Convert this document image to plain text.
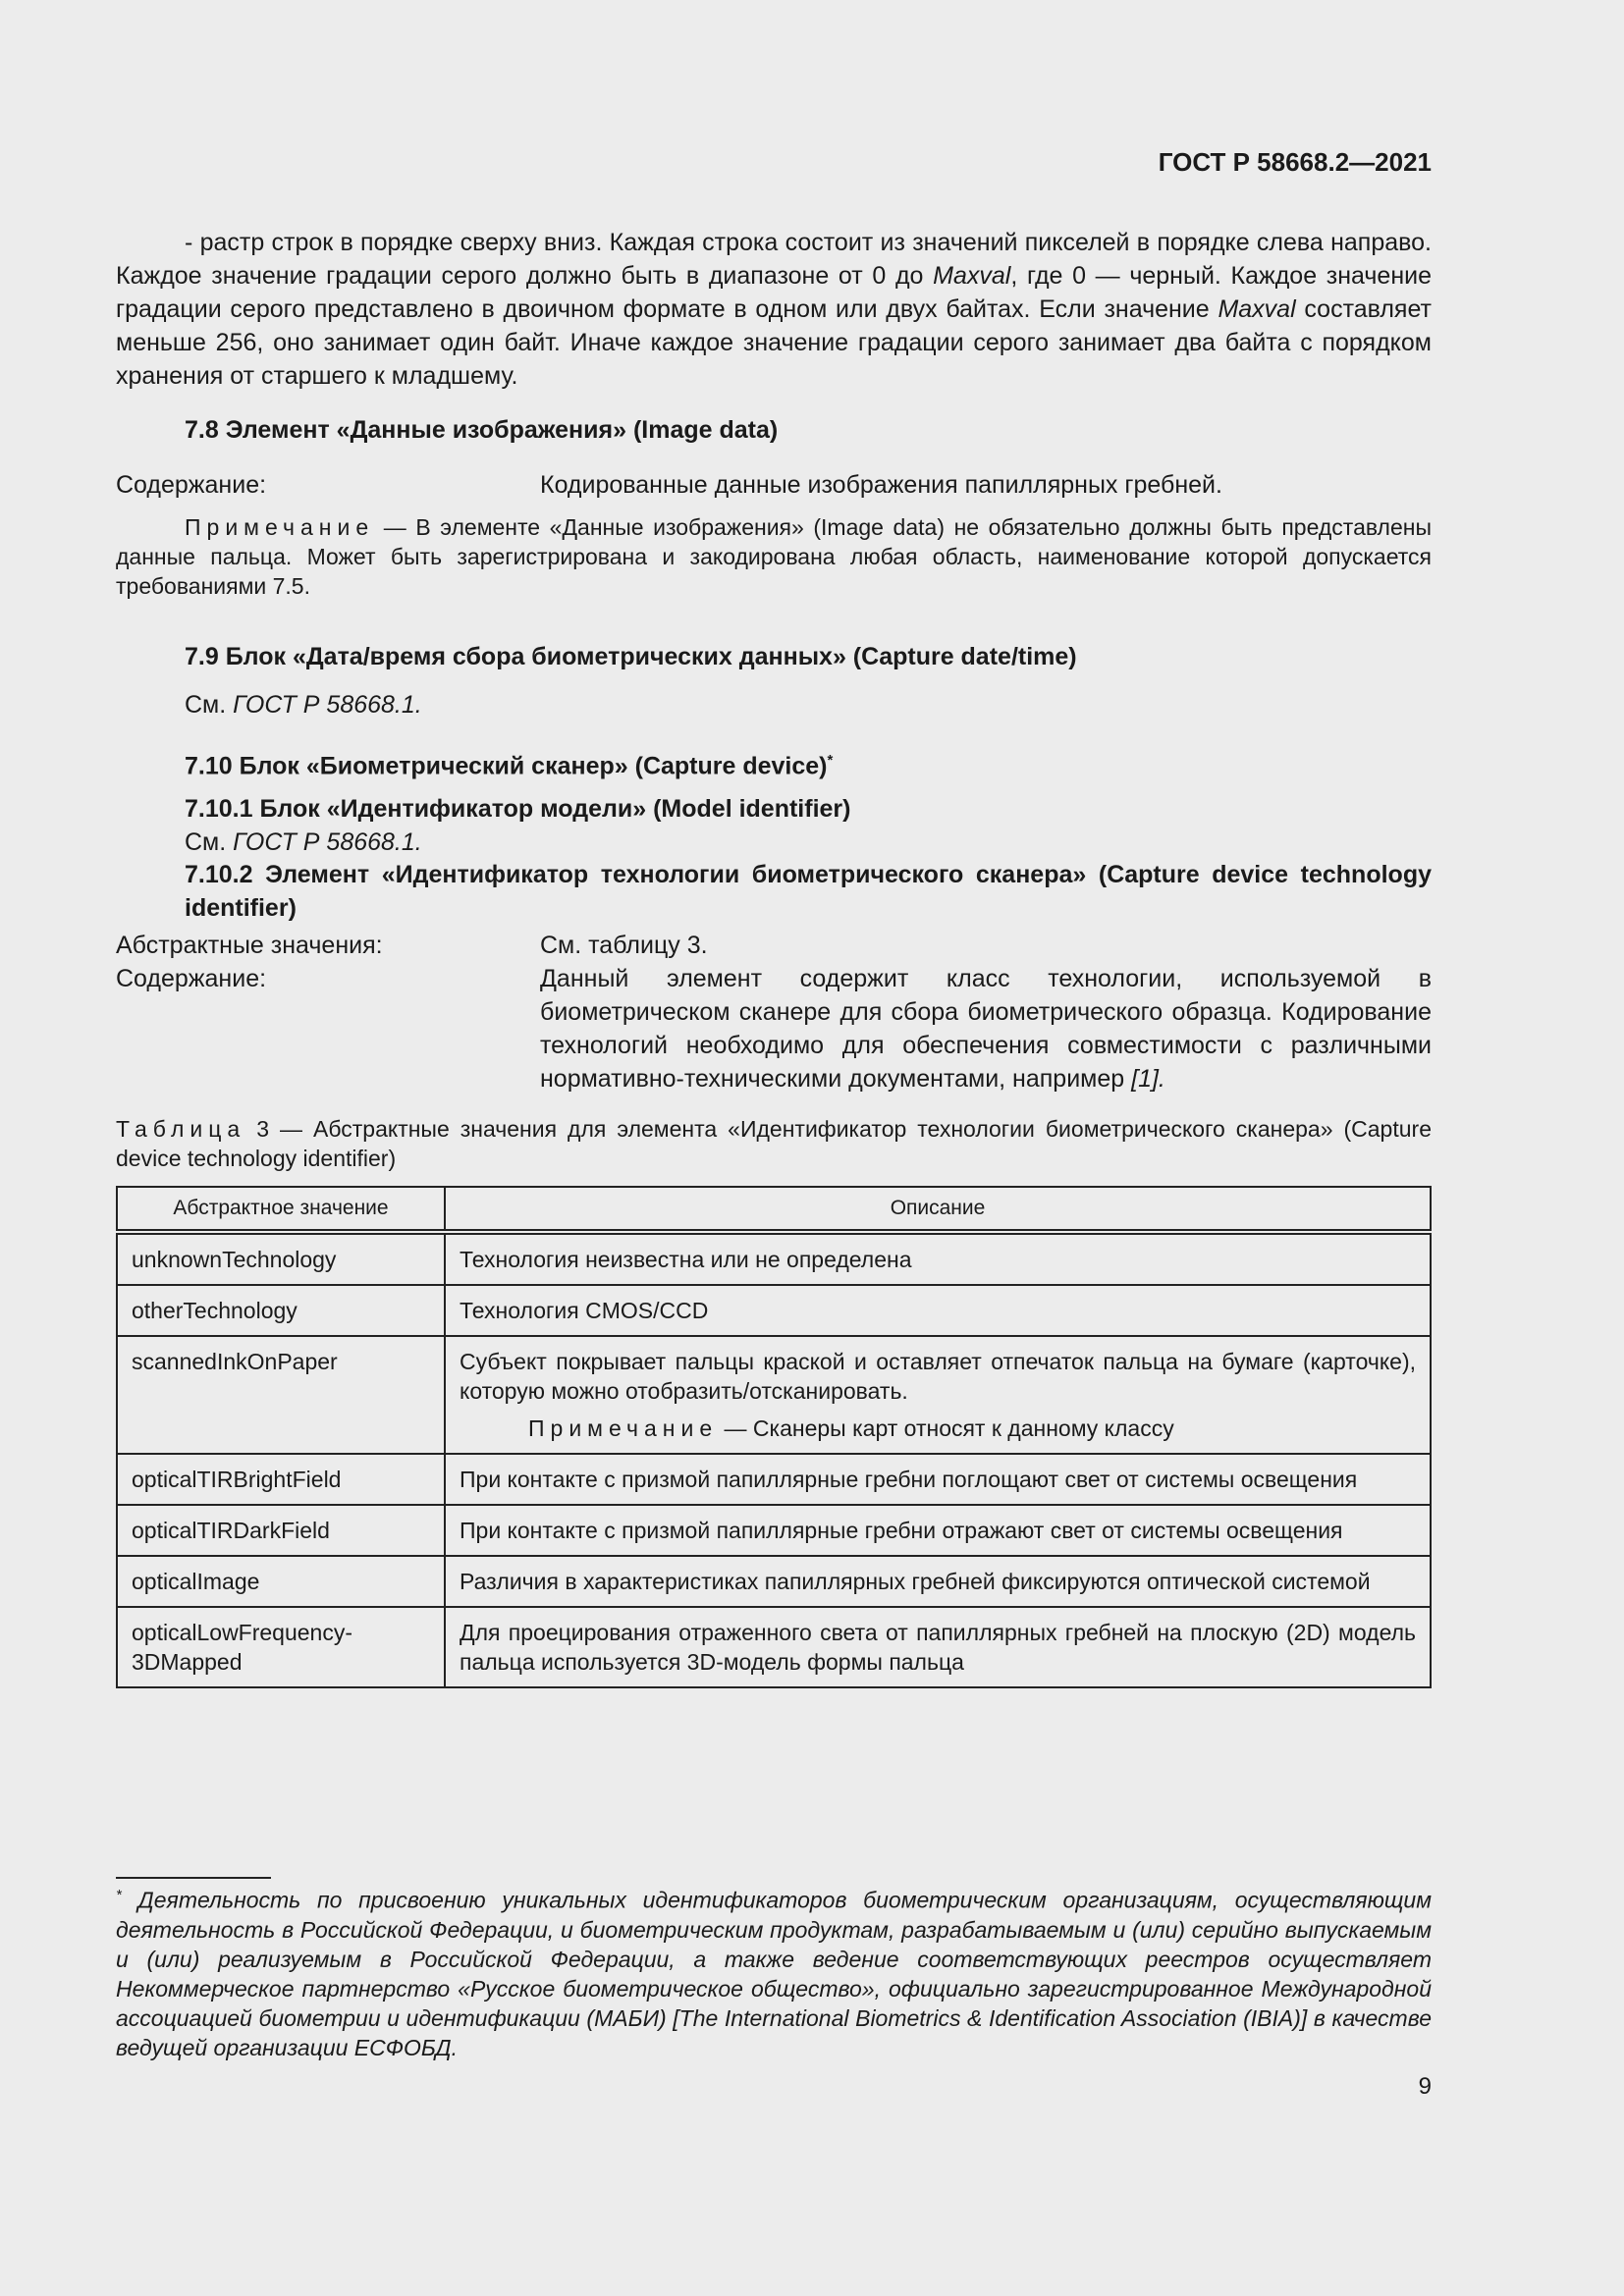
ГОСТ Р 58668.2—2021

- растр строк в порядке сверху вниз. Каждая строка состоит из значений пикселей в порядке слева направо. Каждое значение градации серого должно быть в диапазоне от 0 до Maxval, где 0 — черный. Каждое значение градации серого представлено в двоичном формате в одном или двух байтах. Если значение Maxval составляет меньше 256, оно занимает один байт. Иначе каждое значение градации серого занимает два байта с порядком хранения от старшего к младшему.

7.8 Элемент «Данные изображения» (Image data)

Содержание:	Кодированные данные изображения папиллярных гребней.

Примечание — В элементе «Данные изображения» (Image data) не обязательно должны быть представлены данные пальца. Может быть зарегистрирована и закодирована любая область, наименование которой допускается требованиями 7.5.

7.9 Блок «Дата/время сбора биометрических данных» (Capture date/time)

См. ГОСТ Р 58668.1.

7.10 Блок «Биометрический сканер» (Capture device)*

7.10.1 Блок «Идентификатор модели» (Model identifier)

См. ГОСТ Р 58668.1.

7.10.2 Элемент «Идентификатор технологии биометрического сканера» (Capture device technology identifier)

Абстрактные значения:	См. таблицу 3.
Содержание:	Данный элемент содержит класс технологии, используемой в биометрическом сканере для сбора биометрического образца. Кодирование технологий необходимо для обеспечения совместимости с различными нормативно-техническими документами, например [1].

Таблица 3 — Абстрактные значения для элемента «Идентификатор технологии биометрического сканера» (Capture device technology identifier)

Абстрактное значение	Описание
unknownTechnology	Технология неизвестна или не определена
otherTechnology	Технология CMOS/CCD
scannedInkOnPaper	Субъект покрывает пальцы краской и оставляет отпечаток пальца на бумаге (карточке), которую можно отобразить/отсканировать.
Примечание — Сканеры карт относят к данному классу

opticalTIRBrightField	При контакте с призмой папиллярные гребни поглощают свет от системы освещения
opticalTIRDarkField	При контакте с призмой папиллярные гребни отражают свет от системы освещения
opticalImage	Различия в характеристиках папиллярных гребней фиксируются оптической системой
opticalLowFrequency-3DMapped	Для проецирования отраженного света от папиллярных гребней на плоскую (2D) модель пальца используется 3D-модель формы пальца

* Деятельность по присвоению уникальных идентификаторов биометрическим организациям, осуществляющим деятельность в Российской Федерации, и биометрическим продуктам, разрабатываемым и (или) серийно выпускаемым и (или) реализуемым в Российской Федерации, а также ведение соответствующих реестров осуществляет Некоммерческое партнерство «Русское биометрическое общество», официально зарегистрированное Международной ассоциацией биометрии и идентификации (МАБИ) [The International Biometrics & Identification Association (IBIA)] в качестве ведущей организации ЕСФОБД.

9
